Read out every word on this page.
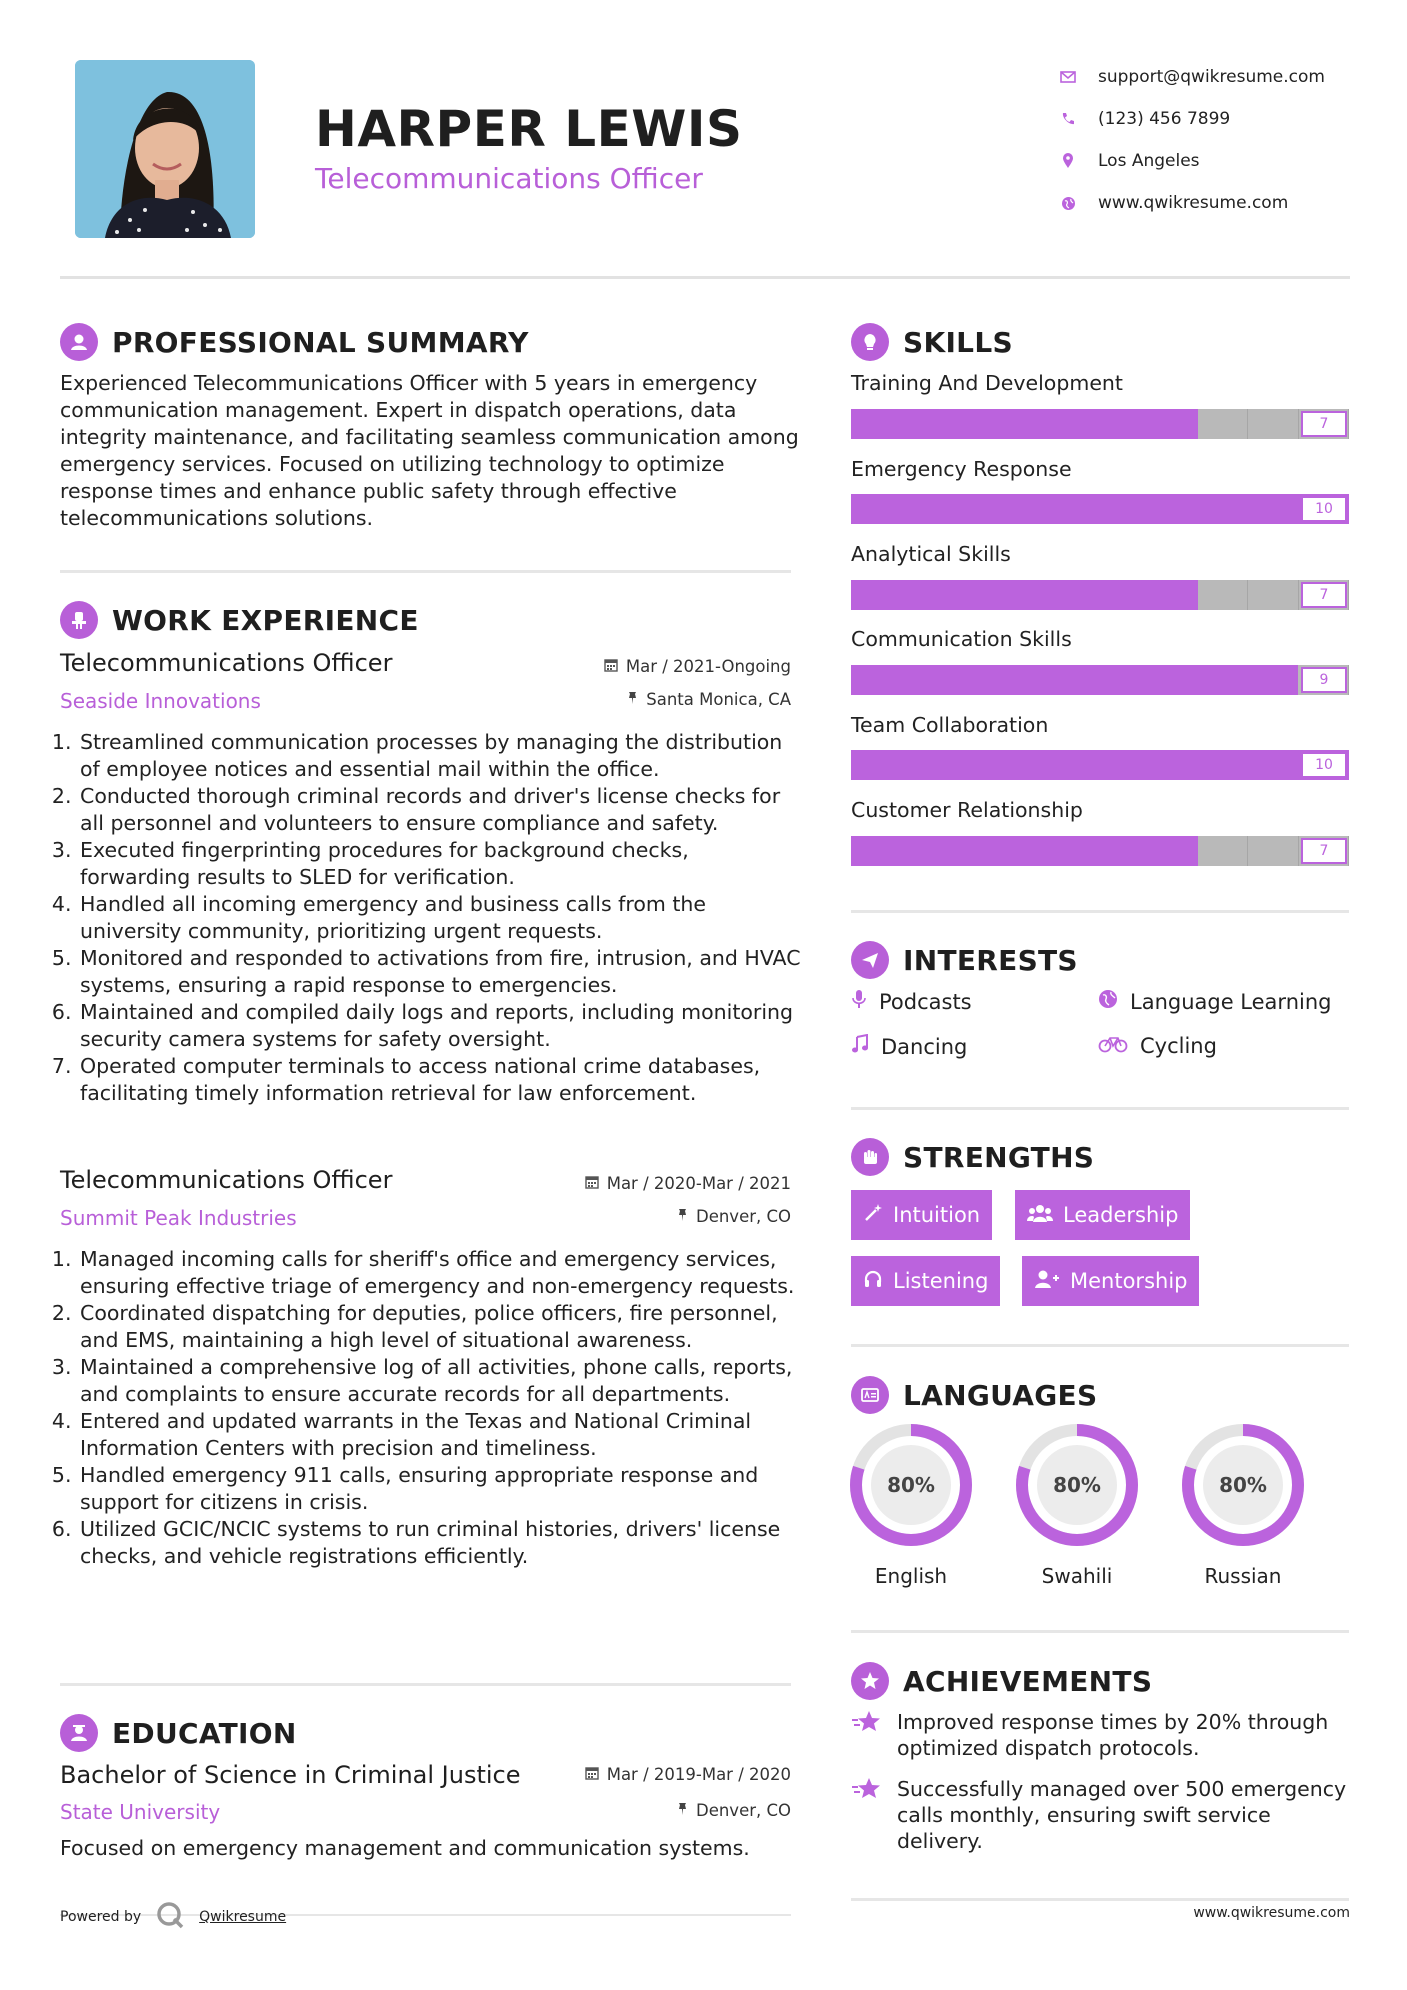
HARPER LEWIS
Telecommunications Officer
support@qwikresume.com
(123) 456 7899
Los Angeles
www.qwikresume.com
PROFESSIONAL SUMMARY
Experienced Telecommunications Officer with 5 years in emergency communication management. Expert in dispatch operations, data integrity maintenance, and facilitating seamless communication among emergency services. Focused on utilizing technology to optimize response times and enhance public safety through effective telecommunications solutions.
WORK EXPERIENCE
Telecommunications Officer	Mar / 2021-Ongoing
Seaside Innovations	Santa Monica, CA
1. Streamlined communication processes by managing the distribution of employee notices and essential mail within the office.
2. Conducted thorough criminal records and driver's license checks for all personnel and volunteers to ensure compliance and safety.
3. Executed fingerprinting procedures for background checks, forwarding results to SLED for verification.
4. Handled all incoming emergency and business calls from the university community, prioritizing urgent requests.
5. Monitored and responded to activations from fire, intrusion, and HVAC systems, ensuring a rapid response to emergencies.
6. Maintained and compiled daily logs and reports, including monitoring security camera systems for safety oversight.
7. Operated computer terminals to access national crime databases, facilitating timely information retrieval for law enforcement.
Telecommunications Officer	Mar / 2020-Mar / 2021
Summit Peak Industries	Denver, CO
1. Managed incoming calls for sheriff's office and emergency services, ensuring effective triage of emergency and non-emergency requests.
2. Coordinated dispatching for deputies, police officers, fire personnel, and EMS, maintaining a high level of situational awareness.
3. Maintained a comprehensive log of all activities, phone calls, reports, and complaints to ensure accurate records for all departments.
4. Entered and updated warrants in the Texas and National Criminal Information Centers with precision and timeliness.
5. Handled emergency 911 calls, ensuring appropriate response and support for citizens in crisis.
6. Utilized GCIC/NCIC systems to run criminal histories, drivers' license checks, and vehicle registrations efficiently.
EDUCATION
Bachelor of Science in Criminal Justice	Mar / 2019-Mar / 2020
State University	Denver, CO
Focused on emergency management and communication systems.
SKILLS
Training And Development
7
Emergency Response
10
Analytical Skills
7
Communication Skills
9
Team Collaboration
10
Customer Relationship
7
INTERESTS
Podcasts	Language Learning
Dancing	Cycling
STRENGTHS
Intuition	Leadership
Listening	Mentorship
LANGUAGES
80%
English
80%
Swahili
80%
Russian
ACHIEVEMENTS
Improved response times by 20% through optimized dispatch protocols.
Successfully managed over 500 emergency calls monthly, ensuring swift service delivery.
Powered by	Qwikresume	www.qwikresume.com
